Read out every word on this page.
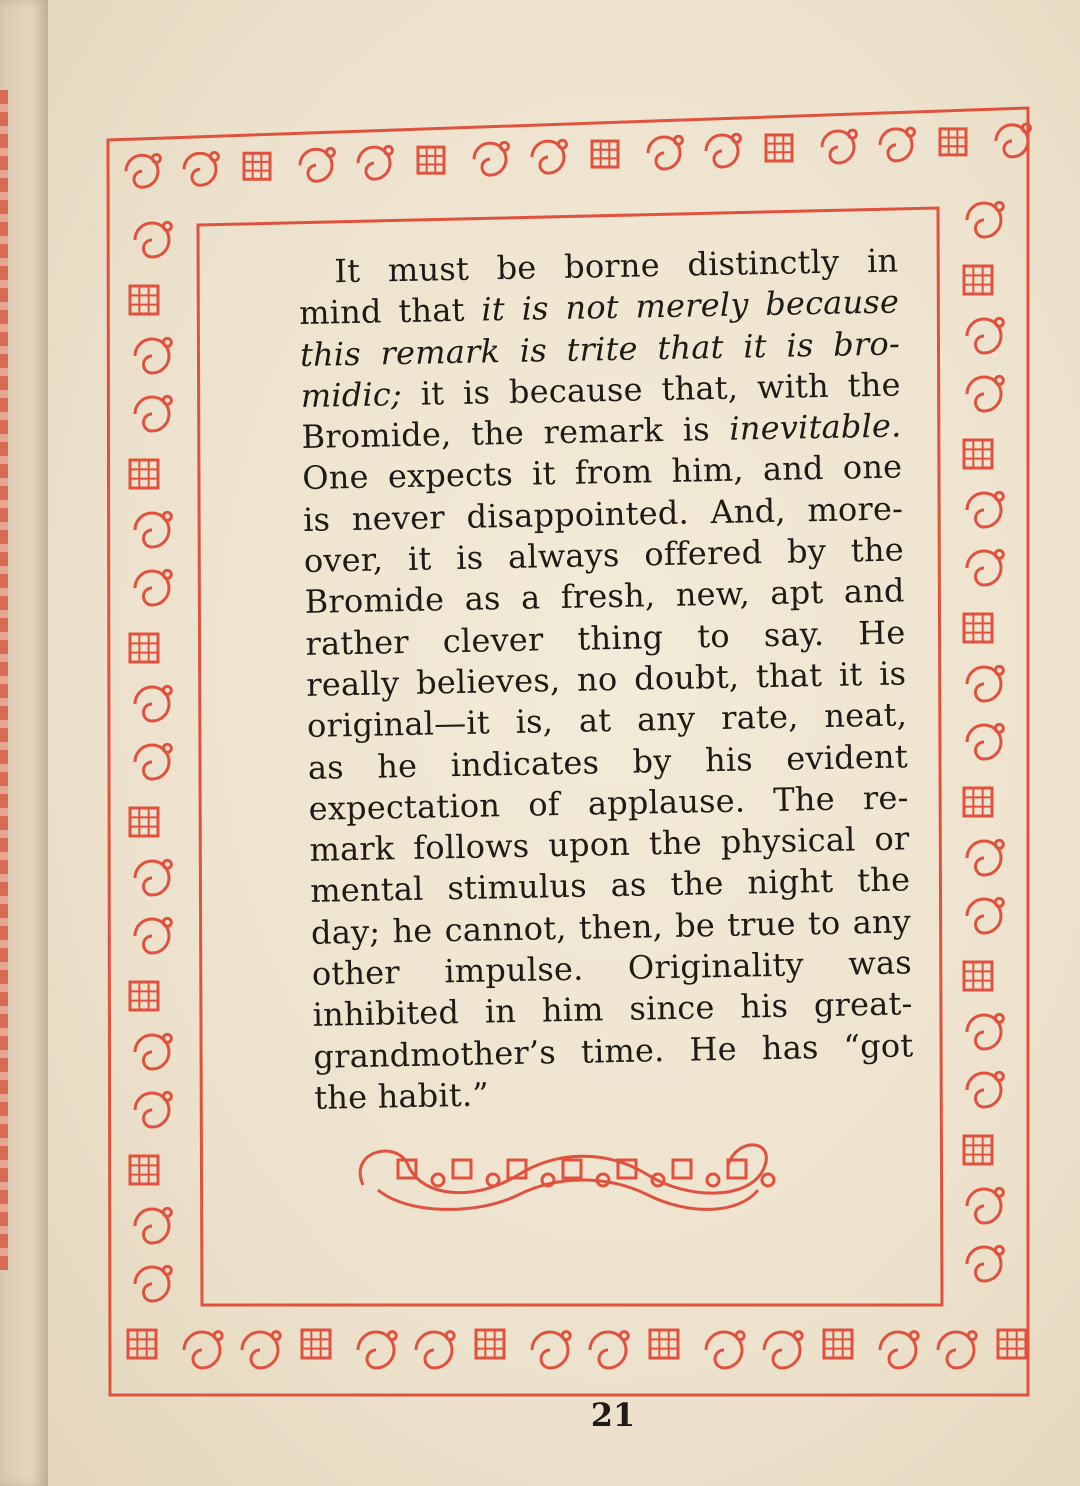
It must be borne distinctly in
mind that it is not merely because
this remark is trite that it is bro-
midic; it is because that, with the
Bromide, the remark is inevitable.
One expects it from him, and one
is never disappointed. And, more-
over, it is always offered by the
Bromide as a fresh, new, apt and
rather clever thing to say. He
really believes, no doubt, that it is
original—it is, at any rate, neat,
as he indicates by his evident
expectation of applause. The re-
mark follows upon the physical or
mental stimulus as the night the
day; he cannot, then, be true to any
other impulse. Originality was
inhibited in him since his great-
grandmother’s time. He has “got
the habit.”
21
